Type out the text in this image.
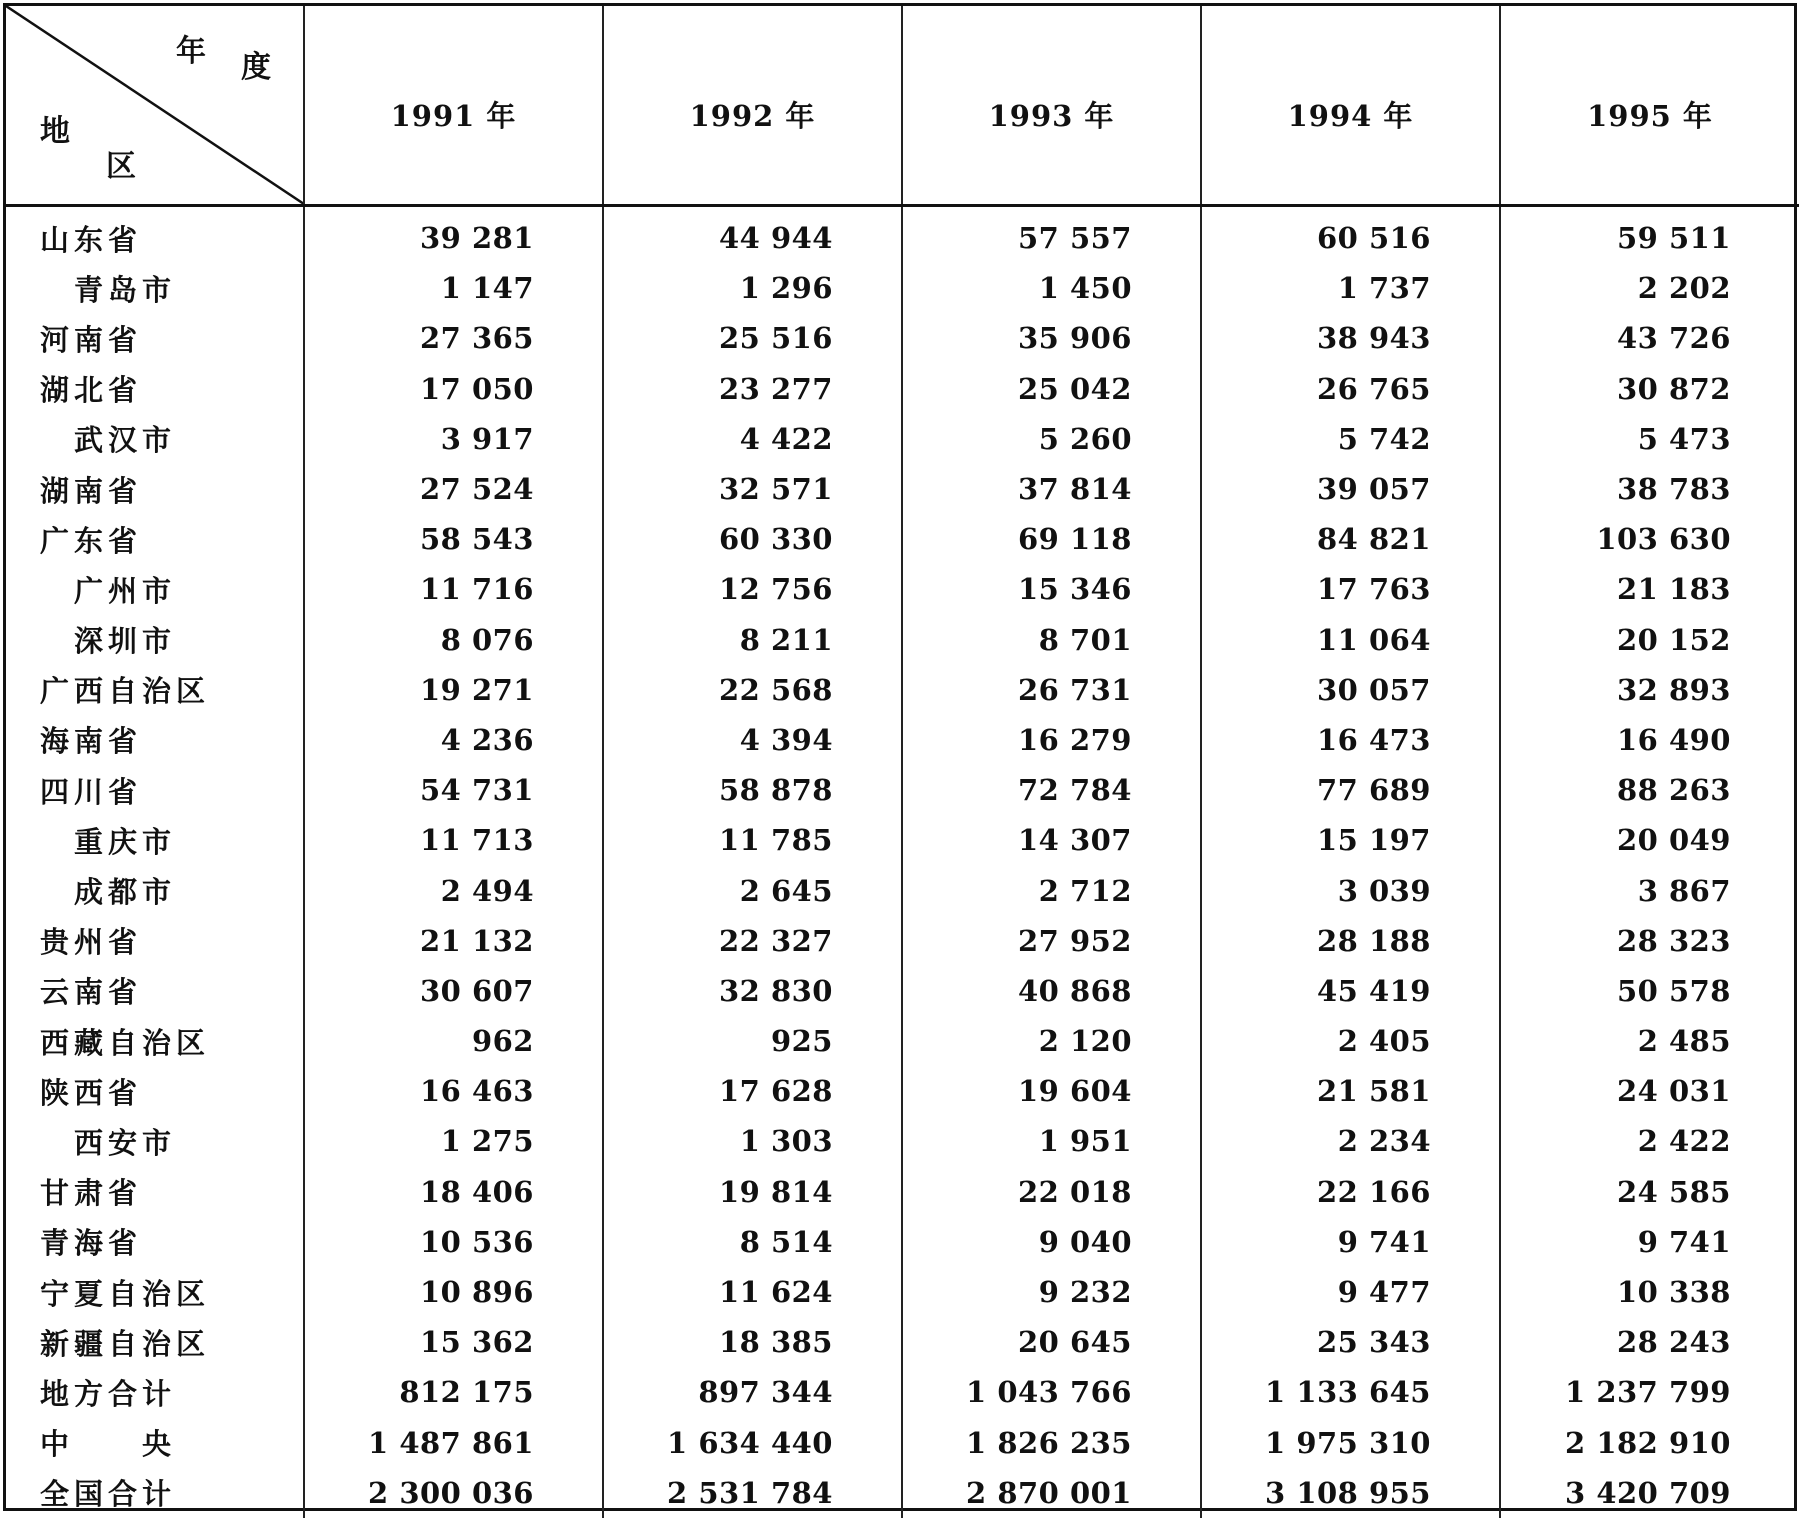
年 度
地
区	1991 年	1992 年	1993 年	1994 年	1995 年

山东省	39 281	44 944	57 557	60 516	59 511
青岛市	1 147	1 296	1 450	1 737	2 202
河南省	27 365	25 516	35 906	38 943	43 726
湖北省	17 050	23 277	25 042	26 765	30 872
武汉市	3 917	4 422	5 260	5 742	5 473
湖南省	27 524	32 571	37 814	39 057	38 783
广东省	58 543	60 330	69 118	84 821	103 630
广州市	11 716	12 756	15 346	17 763	21 183
深圳市	8 076	8 211	8 701	11 064	20 152
广西自治区	19 271	22 568	26 731	30 057	32 893
海南省	4 236	4 394	16 279	16 473	16 490
四川省	54 731	58 878	72 784	77 689	88 263
重庆市	11 713	11 785	14 307	15 197	20 049
成都市	2 494	2 645	2 712	3 039	3 867
贵州省	21 132	22 327	27 952	28 188	28 323
云南省	30 607	32 830	40 868	45 419	50 578
西藏自治区	962	925	2 120	2 405	2 485
陕西省	16 463	17 628	19 604	21 581	24 031
西安市	1 275	1 303	1 951	2 234	2 422
甘肃省	18 406	19 814	22 018	22 166	24 585
青海省	10 536	8 514	9 040	9 741	9 741
宁夏自治区	10 896	11 624	9 232	9 477	10 338
新疆自治区	15 362	18 385	20 645	25 343	28 243
地方合计	812 175	897 344	1 043 766	1 133 645	1 237 799
中　　央	1 487 861	1 634 440	1 826 235	1 975 310	2 182 910
全国合计	2 300 036	2 531 784	2 870 001	3 108 955	3 420 709
